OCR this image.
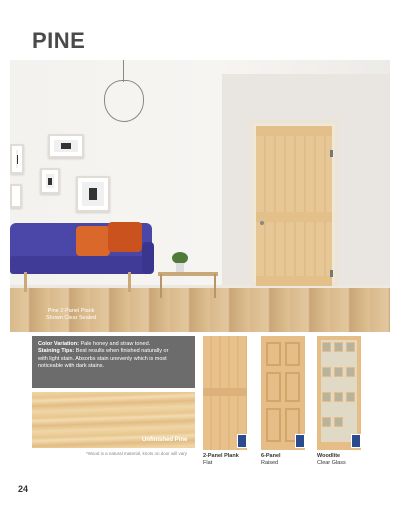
PINE
Pine 2-Panel Plank
Shown Clear Sealed
Color Variation: Pale honey and straw toned.
Staining Tips: Best results when finished naturally or
with light stain. Absorbs stain unevenly which is most
noticeable with dark stains.
Unfinished Pine
*Wood is a natural material, knots on door will vary	2-Panel Plank
Flat
6-Panel
Raised
Woodlite
Clear Glass
24
